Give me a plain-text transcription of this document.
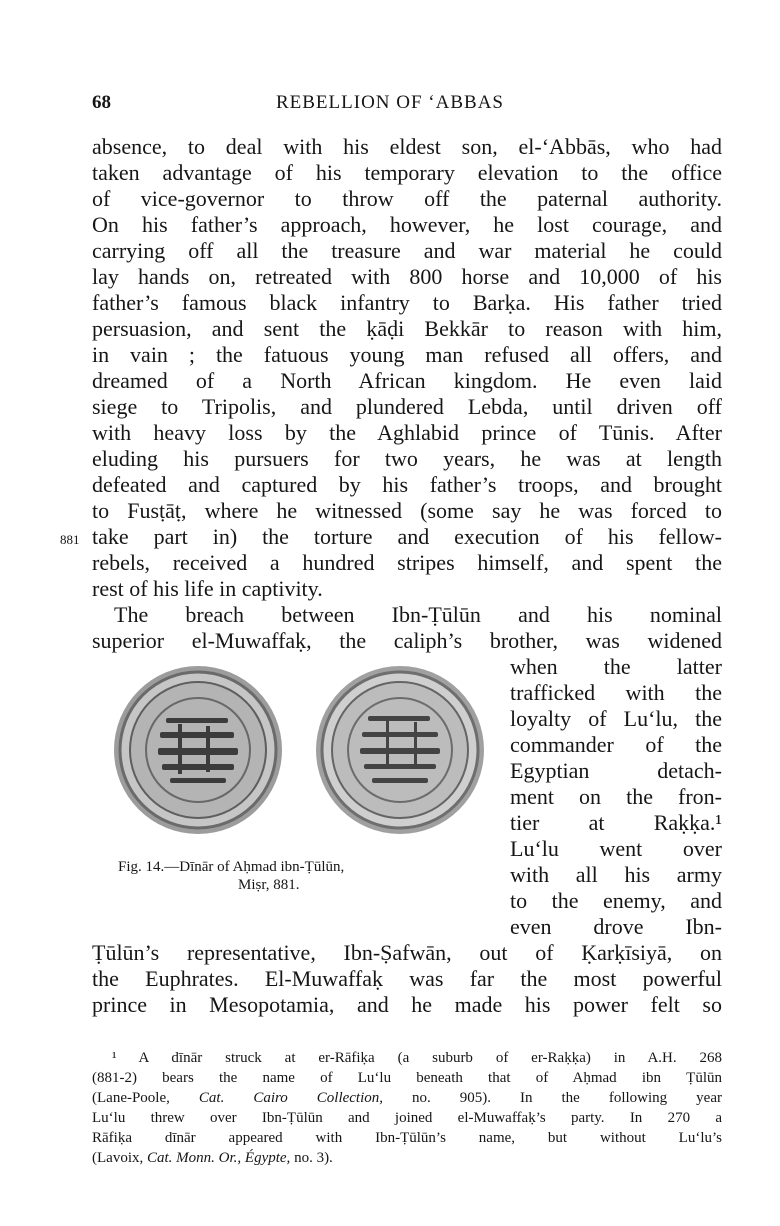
68	REBELLION OF ‘ABBAS
absence, to deal with his eldest son, el-‘Abbās, who had
taken advantage of his temporary elevation to the office
of vice-governor to throw off the paternal authority.
On his father’s approach, however, he lost courage, and
carrying off all the treasure and war material he could
lay hands on, retreated with 800 horse and 10,000 of his
father’s famous black infantry to Barḳa. His father tried
persuasion, and sent the ḳāḍi Bekkār to reason with him,
in vain ; the fatuous young man refused all offers, and
dreamed of a North African kingdom. He even laid
siege to Tripolis, and plundered Lebda, until driven off
with heavy loss by the Aghlabid prince of Tūnis. After
eluding his pursuers for two years, he was at length
defeated and captured by his father’s troops, and brought
to Fusṭāṭ, where he witnessed (some say he was forced to
take part in) the torture and execution of his fellow-
rebels, received a hundred stripes himself, and spent the
rest of his life in captivity.
 The breach between Ibn-Ṭūlūn and his nominal
superior el-Muwaffaḳ, the caliph’s brother, was widened
881
when the latter
trafficked with the
loyalty of Luʻlu, the
commander of the
Egyptian detach-
ment on the fron-
tier at Raḳḳa.¹
Luʻlu went over
with all his army
to the enemy, and
even drove Ibn-
Fig. 14.—Dīnār of Aḥmad ibn-Ṭūlūn,
Miṣr, 881.
Ṭūlūn’s representative, Ibn-Ṣafwān, out of Ḳarḳīsiyā, on
the Euphrates. El-Muwaffaḳ was far the most powerful
prince in Mesopotamia, and he made his power felt so
¹ A dīnār struck at er-Rāfiḳa (a suburb of er-Raḳḳa) in A.H. 268
(881-2) bears the name of Luʻlu beneath that of Aḥmad ibn Ṭūlūn
(Lane-Poole, Cat. Cairo Collection, no. 905). In the following year
Luʻlu threw over Ibn-Ṭūlūn and joined el-Muwaffaḳ’s party. In 270 a
Rāfiḳa dīnār appeared with Ibn-Ṭūlūn’s name, but without Luʻlu’s
(Lavoix, Cat. Monn. Or., Égypte, no. 3).
